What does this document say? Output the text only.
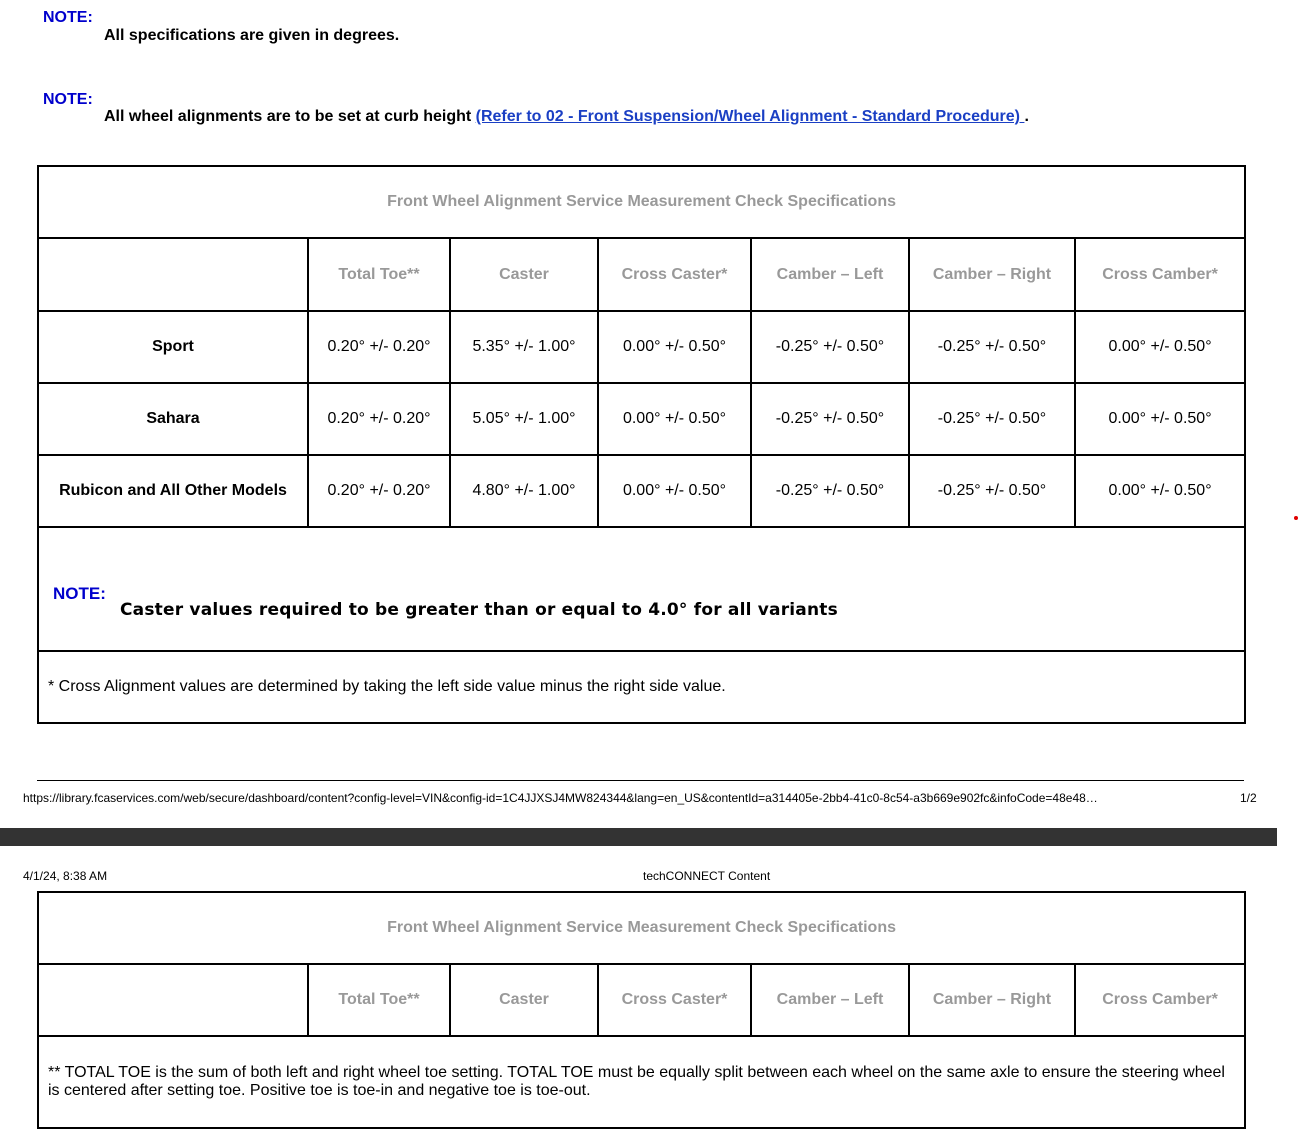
NOTE:
All specifications are given in degrees.
NOTE:
All wheel alignments are to be set at curb height (Refer to 02 - Front Suspension/Wheel Alignment - Standard Procedure) .
Front Wheel Alignment Service Measurement Check Specifications						
	Total Toe**	Caster	Cross Caster*	Camber – Left	Camber – Right	Cross Camber*
Sport	0.20° +/- 0.20°	5.35° +/- 1.00°	0.00° +/- 0.50°	-0.25° +/- 0.50°	-0.25° +/- 0.50°	0.00° +/- 0.50°
Sahara	0.20° +/- 0.20°	5.05° +/- 1.00°	0.00° +/- 0.50°	-0.25° +/- 0.50°	-0.25° +/- 0.50°	0.00° +/- 0.50°
Rubicon and All Other Models	0.20° +/- 0.20°	4.80° +/- 1.00°	0.00° +/- 0.50°	-0.25° +/- 0.50°	-0.25° +/- 0.50°	0.00° +/- 0.50°

NOTE:
Caster values required to be greater than or equal to 4.0° for all variants						

* Cross Alignment values are determined by taking the left side value minus the right side value.						
https://library.fcaservices.com/web/secure/dashboard/content?config-level=VIN&config-id=1C4JJXSJ4MW824344&lang=en_US&contentId=a314405e-2bb4-41c0-8c54-a3b669e902fc&infoCode=48e48…	1/2
4/1/24, 8:38 AM	techCONNECT Content
Front Wheel Alignment Service Measurement Check Specifications
	Total Toe**	Caster	Cross Caster*	Camber – Left	Camber – Right	Cross Camber*
** TOTAL TOE is the sum of both left and right wheel toe setting. TOTAL TOE must be equally split between each wheel on the same axle to ensure the steering wheel is centered after setting toe. Positive toe is toe-in and negative toe is toe-out.
